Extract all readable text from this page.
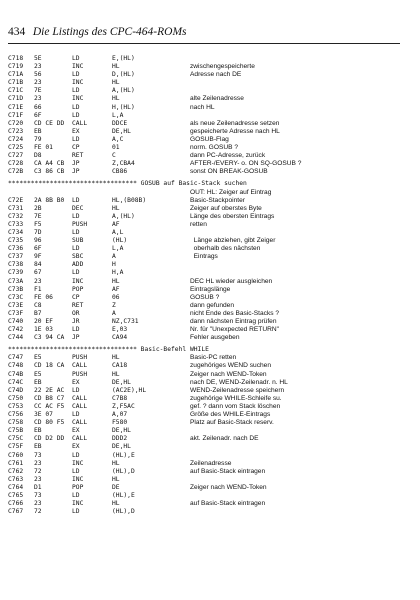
434 Die Listings des CPC-464-ROMs
C718 5E	LD	E,(HL)
C719 23	INC	HL	zwischengespeicherte
C71A 56	LD	D,(HL)	Adresse nach DE
C71B 23	INC	HL
C71C 7E	LD	A,(HL)
C71D 23	INC	HL	alte Zeilenadresse
C71E 66	LD	H,(HL)	nach HL
C71F 6F	LD	L,A
C720 CD CE DD CALL	DDCE	als neue Zeilenadresse setzen
C723 EB	EX	DE,HL	gespeicherte Adresse nach HL
C724 79	LD	A,C	GOSUB-Flag
C725 FE 01	CP	01	norm. GOSUB ?
C727 D8	RET	C	dann PC-Adresse, zurück
C728 CA A4 CB JP	Z,CBA4	AFTER-/EVERY- o. ON SQ-GOSUB ?
C72B C3 86 CB JP	CB86	sonst ON BREAK-GOSUB
********************************** GOSUB auf Basic-Stack suchen
OUT: HL: Zeiger auf Eintrag
C72E 2A 8B B0 LD	HL,(B08B)	Basic-Stackpointer
C731 2B	DEC	HL	Zeiger auf oberstes Byte
C732 7E	LD	A,(HL)	Länge des obersten Eintrags
C733 F5	PUSH	AF	retten
C734 7D	LD	A,L
C735 96	SUB	(HL)	Länge abziehen, gibt Zeiger
C736 6F	LD	L,A	oberhalb des nächsten
C737 9F	SBC	A	Eintrags
C738 84	ADD	H
C739 67	LD	H,A
C73A 23	INC	HL	DEC HL wieder ausgleichen
C73B F1	POP	AF	Eintragslänge
C73C FE 06	CP	06	GOSUB ?
C73E C8	RET	Z	dann gefunden
C73F B7	OR	A	nicht Ende des Basic-Stacks ?
C740 20 EF	JR	NZ,C731	dann nächsten Eintrag prüfen
C742 1E 03	LD	E,03	Nr. für "Unexpected RETURN"
C744 C3 94 CA JP	CA94	Fehler ausgeben
********************************** Basic-Befehl WHILE
C747 E5	PUSH	HL	Basic-PC retten
C748 CD 18 CA CALL	CA18	zugehöriges WEND suchen
C74B E5	PUSH	HL	Zeiger nach WEND-Token
C74C EB	EX	DE,HL	nach DE, WEND-Zeilenadr. n. HL
C74D 22 2E AC LD	(AC2E),HL	WEND-Zeilenadresse speichern
C750 CD B8 C7 CALL	C7B8	zugehörige WHILE-Schleife su.
C753 CC AC F5 CALL	Z,F5AC	gef. ? dann vom Stack löschen
C756 3E 07	LD	A,07	Größe des WHILE-Eintrags
C758 CD 80 F5 CALL	F580	Platz auf Basic-Stack reserv.
C75B EB	EX	DE,HL
C75C CD D2 DD CALL	DDD2	akt. Zeilenadr. nach DE
C75F EB	EX	DE,HL
C760 73	LD	(HL),E
C761 23	INC	HL	Zeilenadresse
C762 72	LD	(HL),D	auf Basic-Stack eintragen
C763 23	INC	HL
C764 D1	POP	DE	Zeiger nach WEND-Token
C765 73	LD	(HL),E
C766 23	INC	HL	auf Basic-Stack eintragen
C767 72	LD	(HL),D
